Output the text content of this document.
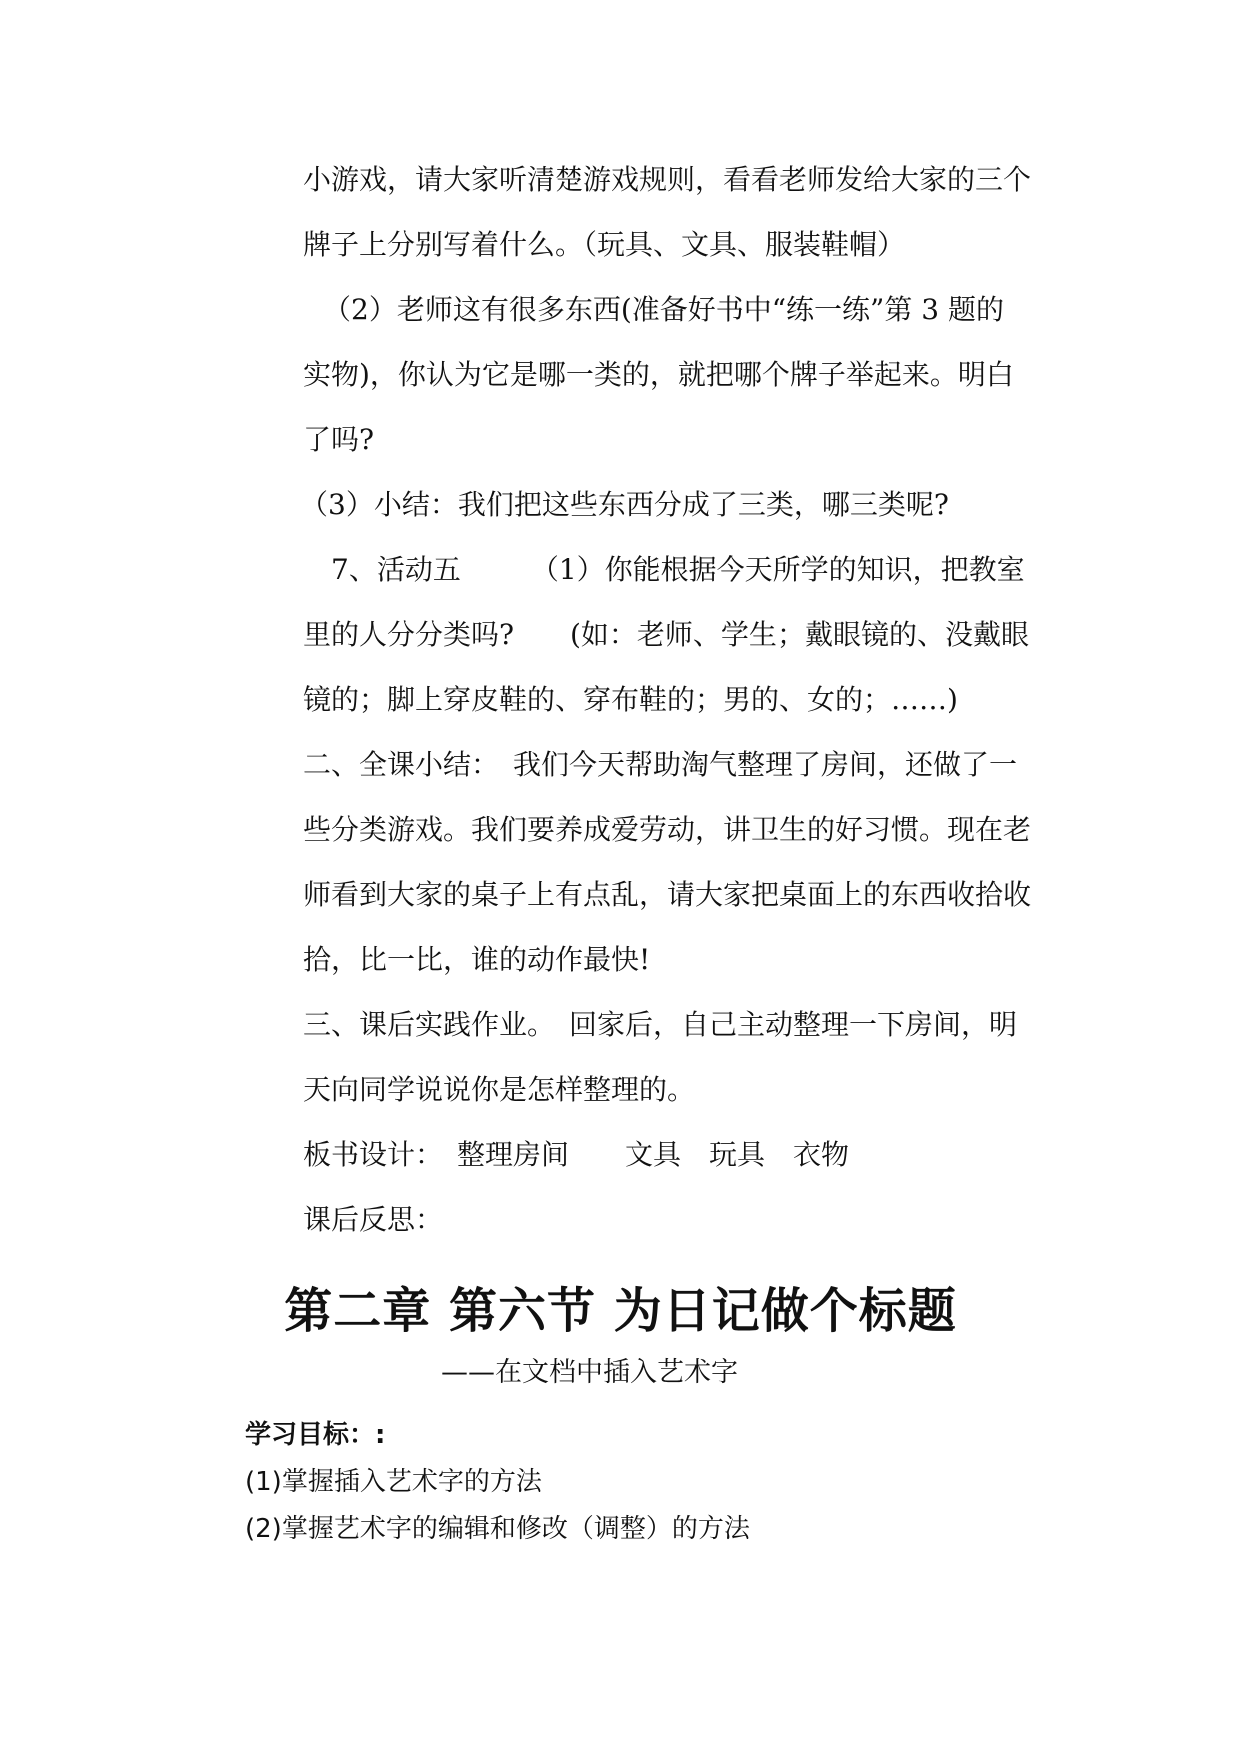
小游戏，请大家听清楚游戏规则，看看老师发给大家的三个
牌子上分别写着什么。（玩具、文具、服装鞋帽）
（2）老师这有很多东西(准备好书中“练一练”第 3 题的
实物)，你认为它是哪一类的，就把哪个牌子举起来。明白
了吗?
（3）小结：我们把这些东西分成了三类，哪三类呢?
7、活动五　　　（1）你能根据今天所学的知识，把教室
里的人分分类吗?　　(如：老师、学生；戴眼镜的、没戴眼
镜的；脚上穿皮鞋的、穿布鞋的；男的、女的；……)
二、全课小结：　我们今天帮助淘气整理了房间，还做了一
些分类游戏。我们要养成爱劳动，讲卫生的好习惯。现在老
师看到大家的桌子上有点乱，请大家把桌面上的东西收拾收
拾，比一比，谁的动作最快!
三、课后实践作业。　回家后，自己主动整理一下房间，明
天向同学说说你是怎样整理的。
板书设计：　整理房间　　文具　玩具　衣物
课后反思：
第二章 第六节 为日记做个标题
——在文档中插入艺术字
学习目标：:
(1)掌握插入艺术字的方法
(2)掌握艺术字的编辑和修改（调整）的方法
